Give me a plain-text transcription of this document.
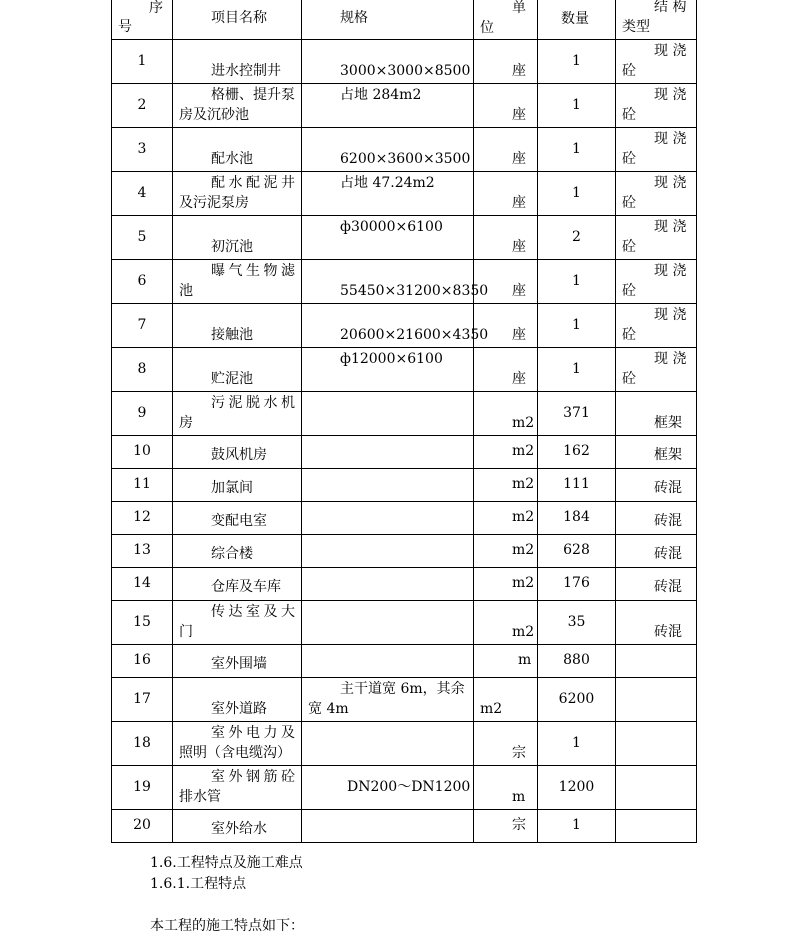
序
号	项目名称	规格	单
位	数量	结 构
类型

1	进水控制井	3000×3000×8500	座	1	现 浇
砼

2	格栅、提升泵
房及沉砂池	占地 284m2	座	1	现 浇
砼

3	配水池	6200×3600×3500	座	1	现 浇
砼

4	配水配泥井
及污泥泵房	占地 47.24m2	座	1	现 浇
砼

5	初沉池	ф30000×6100	座	2	现 浇
砼

6	曝气生物滤
池	55450×31200×8350	座	1	现 浇
砼

7	接触池	20600×21600×4350	座	1	现 浇
砼

8	贮泥池	ф12000×6100	座	1	现 浇
砼

9	污泥脱水机
房		m2	371	框架

10	鼓风机房		m2	162	框架

11	加氯间		m2	111	砖混

12	变配电室		m2	184	砖混

13	综合楼		m2	628	砖混

14	仓库及车库		m2	176	砖混

15	传达室及大
门		m2	35	砖混

16	室外围墙		m	880	

17	室外道路	主干道宽 6m，其余
宽 4m	m2	6200	

18	室外电力及
照明（含电缆沟）		宗	1	

19	室外钢筋砼
排水管	DN200～DN1200	m	1200	

20	室外给水		宗	1	

1.6.工程特点及施工难点

1.6.1.工程特点

本工程的施工特点如下：
